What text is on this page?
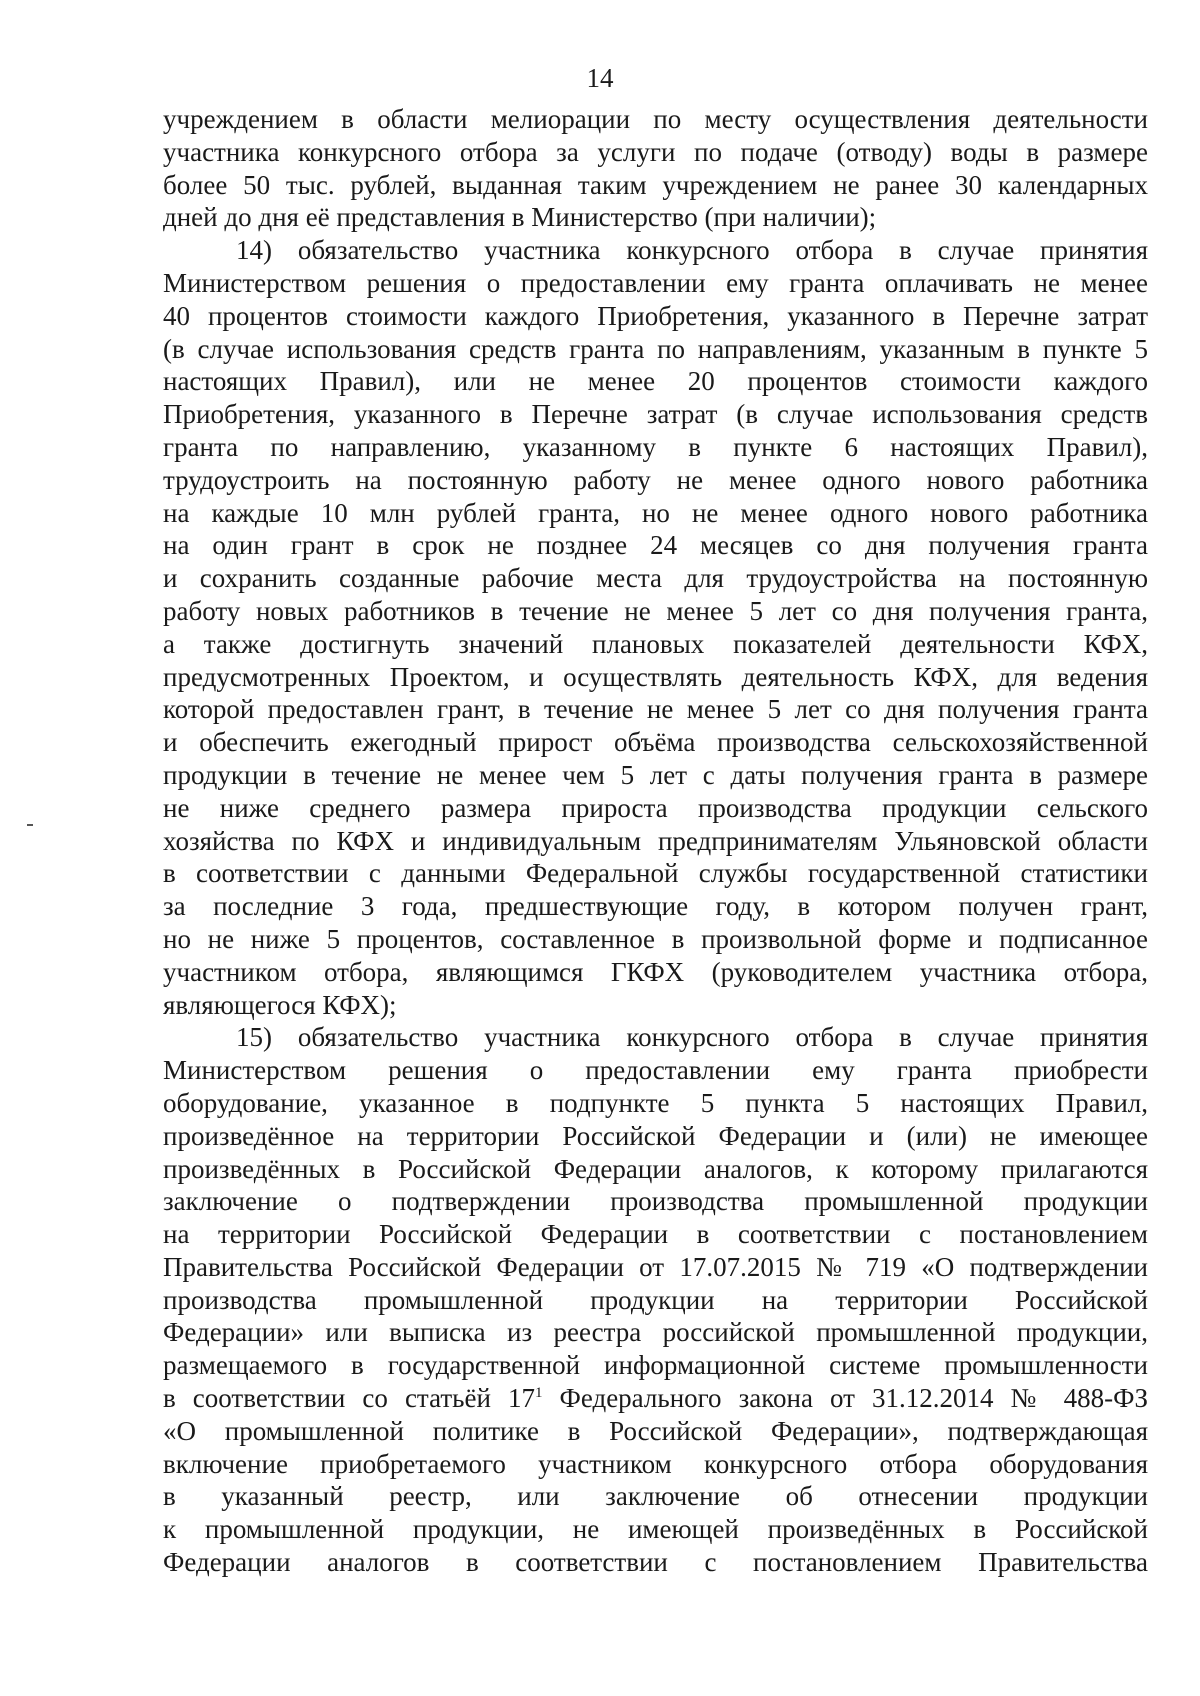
14
учреждением в области мелиорации по месту осуществления деятельности
участника конкурсного отбора за услуги по подаче (отводу) воды в размере
более 50 тыс. рублей, выданная таким учреждением не ранее 30 календарных
дней до дня её представления в Министерство (при наличии);
14) обязательство участника конкурсного отбора в случае принятия
Министерством решения о предоставлении ему гранта оплачивать не менее
40 процентов стоимости каждого Приобретения, указанного в Перечне затрат
(в случае использования средств гранта по направлениям, указанным в пункте 5
настоящих Правил), или не менее 20 процентов стоимости каждого
Приобретения, указанного в Перечне затрат (в случае использования средств
гранта по направлению, указанному в пункте 6 настоящих Правил),
трудоустроить на постоянную работу не менее одного нового работника
на каждые 10 млн рублей гранта, но не менее одного нового работника
на один грант в срок не позднее 24 месяцев со дня получения гранта
и сохранить созданные рабочие места для трудоустройства на постоянную
работу новых работников в течение не менее 5 лет со дня получения гранта,
а также достигнуть значений плановых показателей деятельности КФХ,
предусмотренных Проектом, и осуществлять деятельность КФХ, для ведения
которой предоставлен грант, в течение не менее 5 лет со дня получения гранта
и обеспечить ежегодный прирост объёма производства сельскохозяйственной
продукции в течение не менее чем 5 лет с даты получения гранта в размере
не ниже среднего размера прироста производства продукции сельского
хозяйства по КФХ и индивидуальным предпринимателям Ульяновской области
в соответствии с данными Федеральной службы государственной статистики
за последние 3 года, предшествующие году, в котором получен грант,
но не ниже 5 процентов, составленное в произвольной форме и подписанное
участником отбора, являющимся ГКФХ (руководителем участника отбора,
являющегося КФХ);
15) обязательство участника конкурсного отбора в случае принятия
Министерством решения о предоставлении ему гранта приобрести
оборудование, указанное в подпункте 5 пункта 5 настоящих Правил,
произведённое на территории Российской Федерации и (или) не имеющее
произведённых в Российской Федерации аналогов, к которому прилагаются
заключение о подтверждении производства промышленной продукции
на территории Российской Федерации в соответствии с постановлением
Правительства Российской Федерации от 17.07.2015 № 719 «О подтверждении
производства промышленной продукции на территории Российской
Федерации» или выписка из реестра российской промышленной продукции,
размещаемого в государственной информационной системе промышленности
в соответствии со статьёй $17^1$ Федерального закона от 31.12.2014 № 488-ФЗ
«О промышленной политике в Российской Федерации», подтверждающая
включение приобретаемого участником конкурсного отбора оборудования
в указанный реестр, или заключение об отнесении продукции
к промышленной продукции, не имеющей произведённых в Российской
Федерации аналогов в соответствии с постановлением Правительства
